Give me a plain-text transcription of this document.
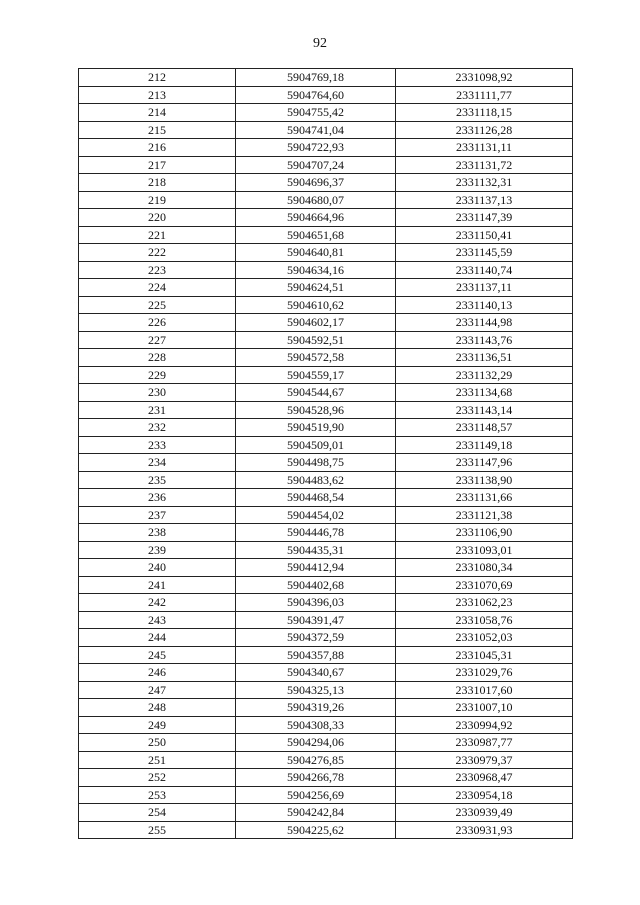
92
212	5904769,18	2331098,92
213	5904764,60	2331111,77
214	5904755,42	2331118,15
215	5904741,04	2331126,28
216	5904722,93	2331131,11
217	5904707,24	2331131,72
218	5904696,37	2331132,31
219	5904680,07	2331137,13
220	5904664,96	2331147,39
221	5904651,68	2331150,41
222	5904640,81	2331145,59
223	5904634,16	2331140,74
224	5904624,51	2331137,11
225	5904610,62	2331140,13
226	5904602,17	2331144,98
227	5904592,51	2331143,76
228	5904572,58	2331136,51
229	5904559,17	2331132,29
230	5904544,67	2331134,68
231	5904528,96	2331143,14
232	5904519,90	2331148,57
233	5904509,01	2331149,18
234	5904498,75	2331147,96
235	5904483,62	2331138,90
236	5904468,54	2331131,66
237	5904454,02	2331121,38
238	5904446,78	2331106,90
239	5904435,31	2331093,01
240	5904412,94	2331080,34
241	5904402,68	2331070,69
242	5904396,03	2331062,23
243	5904391,47	2331058,76
244	5904372,59	2331052,03
245	5904357,88	2331045,31
246	5904340,67	2331029,76
247	5904325,13	2331017,60
248	5904319,26	2331007,10
249	5904308,33	2330994,92
250	5904294,06	2330987,77
251	5904276,85	2330979,37
252	5904266,78	2330968,47
253	5904256,69	2330954,18
254	5904242,84	2330939,49
255	5904225,62	2330931,93
